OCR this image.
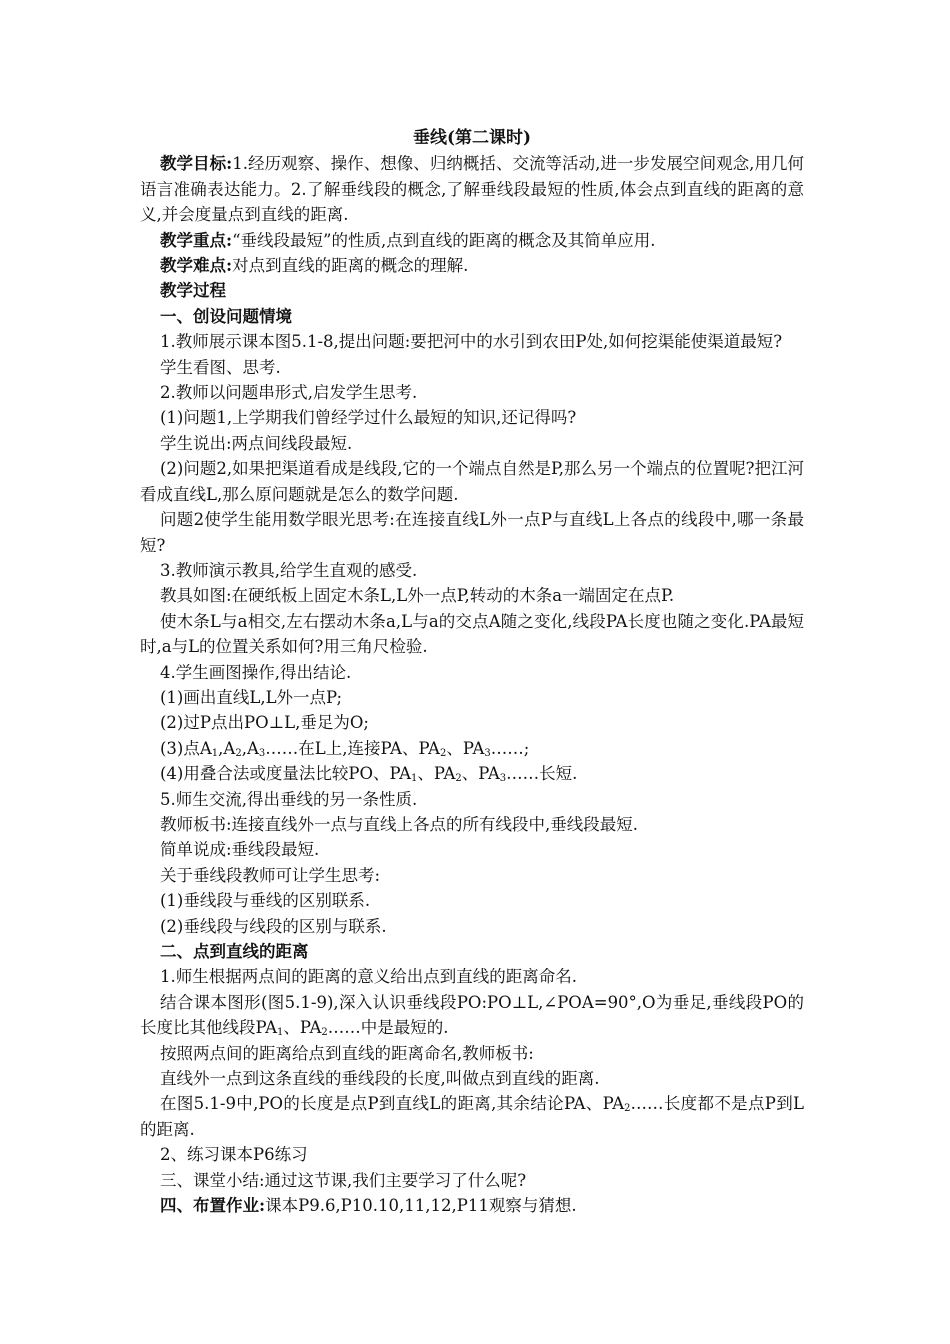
垂线(第二课时)

教学目标:1.经历观察、操作、想像、归纳概括、交流等活动,进一步发展空间观念,用几何语言准确表达能力。2.了解垂线段的概念,了解垂线段最短的性质,体会点到直线的距离的意义,并会度量点到直线的距离.

教学重点:“垂线段最短”的性质,点到直线的距离的概念及其简单应用.

教学难点:对点到直线的距离的概念的理解.

教学过程

一、创设问题情境

1.教师展示课本图5.1-8,提出问题:要把河中的水引到农田P处,如何挖渠能使渠道最短?

学生看图、思考.

2.教师以问题串形式,启发学生思考.

(1)问题1,上学期我们曾经学过什么最短的知识,还记得吗?

学生说出:两点间线段最短.

(2)问题2,如果把渠道看成是线段,它的一个端点自然是P,那么另一个端点的位置呢?把江河看成直线L,那么原问题就是怎么的数学问题.

问题2使学生能用数学眼光思考:在连接直线L外一点P与直线L上各点的线段中,哪一条最短?

3.教师演示教具,给学生直观的感受.

教具如图:在硬纸板上固定木条L,L外一点P,转动的木条a一端固定在点P.

使木条L与a相交,左右摆动木条a,L与a的交点A随之变化,线段PA长度也随之变化.PA最短时,a与L的位置关系如何?用三角尺检验.

4.学生画图操作,得出结论.

(1)画出直线L,L外一点P;

(2)过P点出PO⊥L,垂足为O;

(3)点$A_1,A_2,A_3\dots\dots$在L上,连接PA、$PA_2$、$PA_3\dots\dots$;

(4)用叠合法或度量法比较PO、$PA_1$、$PA_2$、$PA_3\dots\dots$长短.

5.师生交流,得出垂线的另一条性质.

教师板书:连接直线外一点与直线上各点的所有线段中,垂线段最短.

简单说成:垂线段最短.

关于垂线段教师可让学生思考:

(1)垂线段与垂线的区别联系.

(2)垂线段与线段的区别与联系.

二、点到直线的距离

1.师生根据两点间的距离的意义给出点到直线的距离命名.

结合课本图形(图5.1-9),深入认识垂线段PO:PO⊥L,∠POA=90°,O为垂足,垂线段PO的长度比其他线段$PA_1$、$PA_2\dots\dots$中是最短的.

按照两点间的距离给点到直线的距离命名,教师板书:

直线外一点到这条直线的垂线段的长度,叫做点到直线的距离.

在图5.1-9中,PO的长度是点P到直线L的距离,其余结论PA、$PA_2\dots\dots$长度都不是点P到L的距离.

2、练习课本P6练习

三、课堂小结:通过这节课,我们主要学习了什么呢?

四、布置作业:课本P9.6,P10.10,11,12,P11观察与猜想.
